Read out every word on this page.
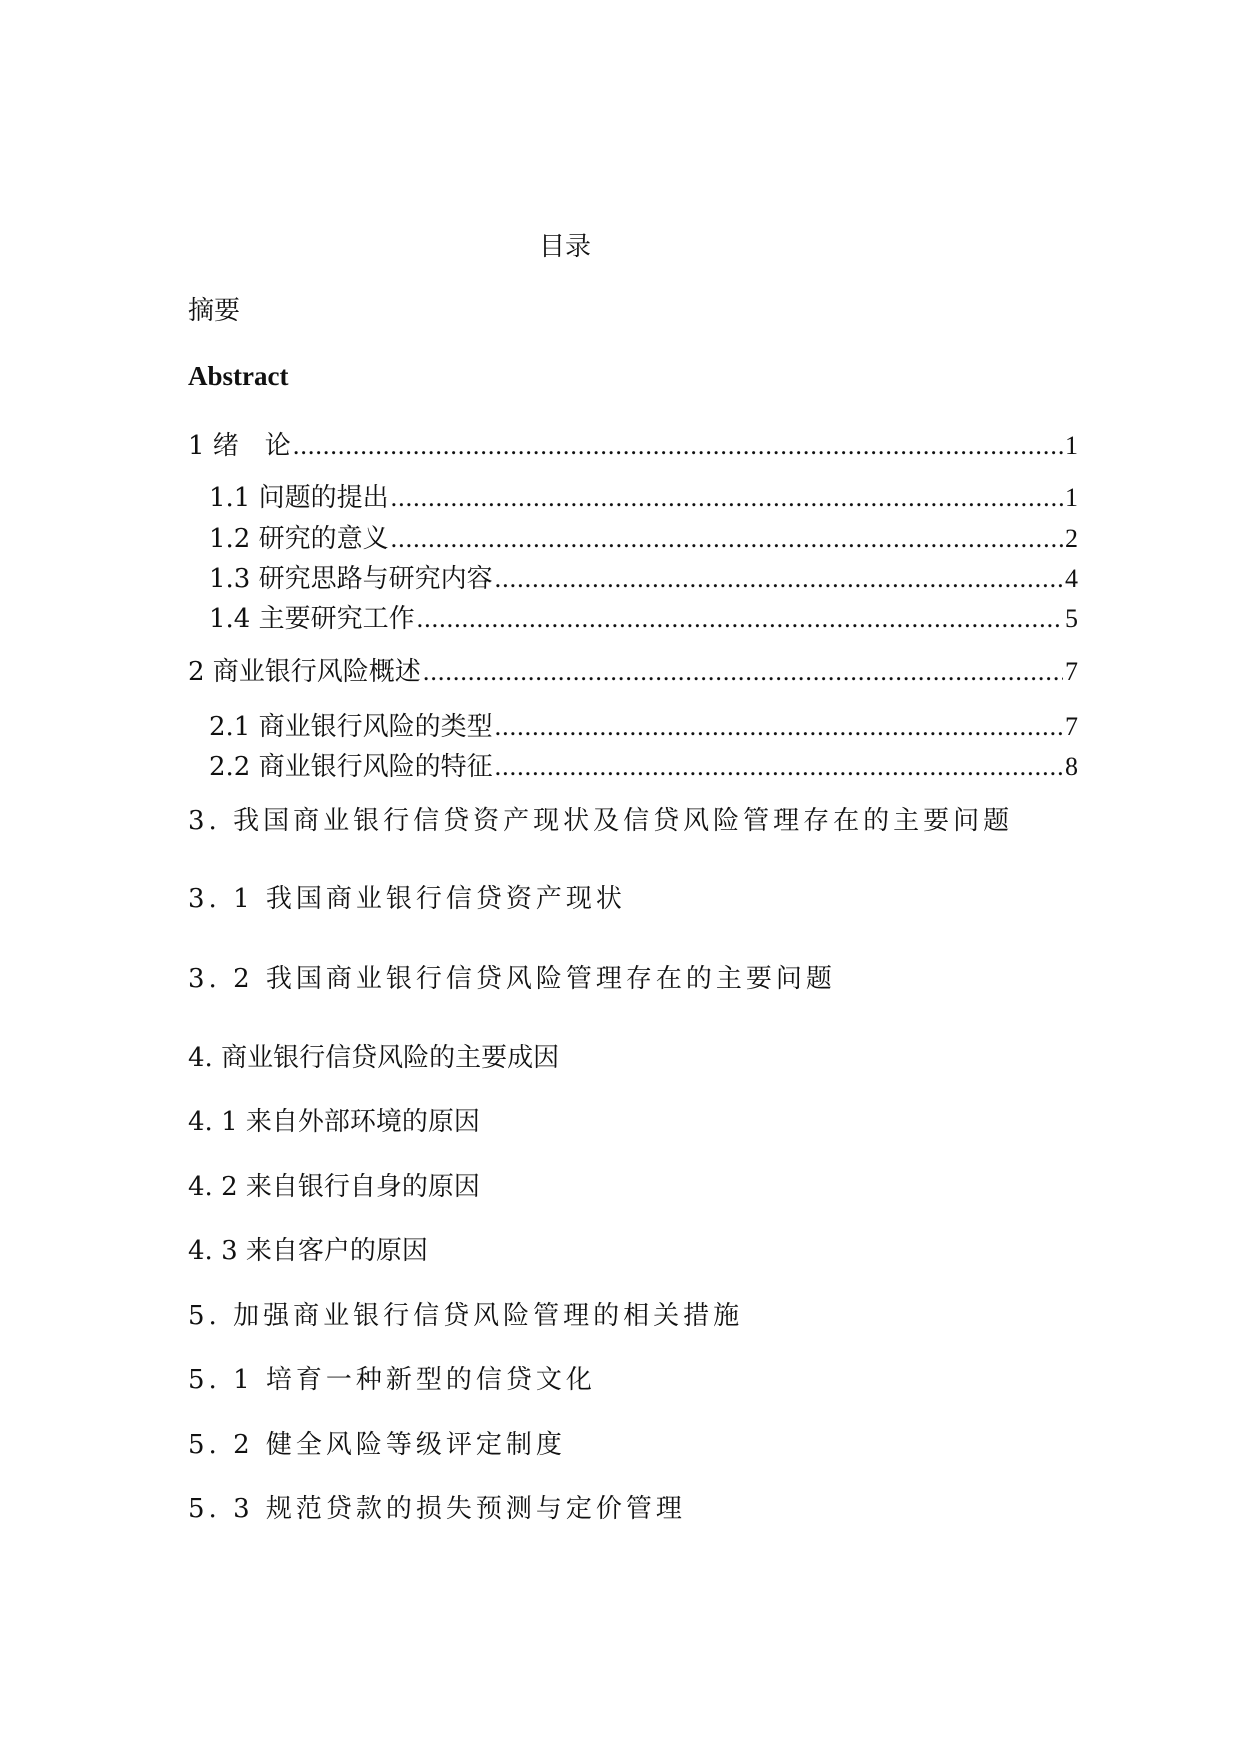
目录
摘要
Abstract
1 绪　论 .....	1
1.1 问题的提出 .....	1
1.2 研究的意义 .....	2
1.3 研究思路与研究内容 .....	4
1.4 主要研究工作 .....	5
2 商业银行风险概述 .....	7
2.1 商业银行风险的类型 .....	7
2.2 商业银行风险的特征 .....	8
3. 我国商业银行信贷资产现状及信贷风险管理存在的主要问题
3. 1 我国商业银行信贷资产现状
3. 2 我国商业银行信贷风险管理存在的主要问题
4. 商业银行信贷风险的主要成因
4. 1 来自外部环境的原因
4. 2 来自银行自身的原因
4. 3 来自客户的原因
5. 加强商业银行信贷风险管理的相关措施
5. 1 培育一种新型的信贷文化
5. 2 健全风险等级评定制度
5. 3 规范贷款的损失预测与定价管理
